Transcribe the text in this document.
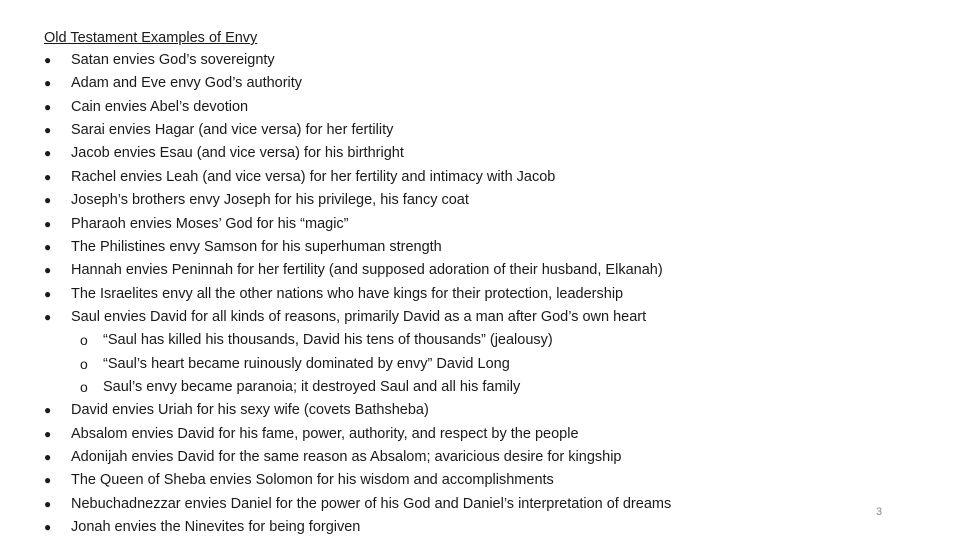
Old Testament Examples of Envy
●	Satan envies God’s sovereignty
●	Adam and Eve envy God’s authority
●	Cain envies Abel’s devotion
●	Sarai envies Hagar (and vice versa) for her fertility
●	Jacob envies Esau (and vice versa) for his birthright
●	Rachel envies Leah (and vice versa) for her fertility and intimacy with Jacob
●	Joseph’s brothers envy Joseph for his privilege, his fancy coat
●	Pharaoh envies Moses’ God for his “magic”
●	The Philistines envy Samson for his superhuman strength
●	Hannah envies Peninnah for her fertility (and supposed adoration of their husband, Elkanah)
●	The Israelites envy all the other nations who have kings for their protection, leadership
●	Saul envies David for all kinds of reasons, primarily David as a man after God’s own heart
o	“Saul has killed his thousands, David his tens of thousands” (jealousy)
o	“Saul’s heart became ruinously dominated by envy” David Long
o	Saul’s envy became paranoia; it destroyed Saul and all his family
●	David envies Uriah for his sexy wife (covets Bathsheba)
●	Absalom envies David for his fame, power, authority, and respect by the people
●	Adonijah envies David for the same reason as Absalom; avaricious desire for kingship
●	The Queen of Sheba envies Solomon for his wisdom and accomplishments
●	Nebuchadnezzar envies Daniel for the power of his God and Daniel’s interpretation of dreams
●	Jonah envies the Ninevites for being forgiven
3
